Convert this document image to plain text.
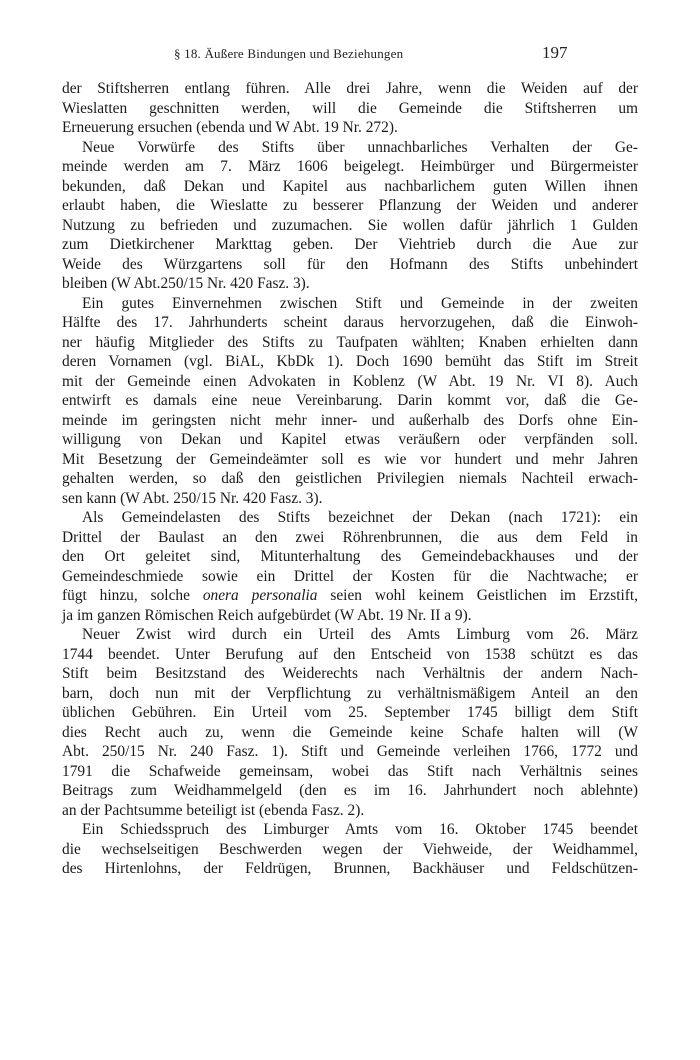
§ 18. Äußere Bindungen und Beziehungen	197
der Stiftsherren entlang führen. Alle drei Jahre, wenn die Weiden auf der
Wieslatten geschnitten werden, will die Gemeinde die Stiftsherren um
Erneuerung ersuchen (ebenda und W Abt. 19 Nr. 272).
Neue Vorwürfe des Stifts über unnachbarliches Verhalten der Ge-
meinde werden am 7. März 1606 beigelegt. Heimbürger und Bürgermeister
bekunden, daß Dekan und Kapitel aus nachbarlichem guten Willen ihnen
erlaubt haben, die Wieslatte zu besserer Pflanzung der Weiden und anderer
Nutzung zu befrieden und zuzumachen. Sie wollen dafür jährlich 1 Gulden
zum Dietkirchener Markttag geben. Der Viehtrieb durch die Aue zur
Weide des Würzgartens soll für den Hofmann des Stifts unbehindert
bleiben (W Abt.250/15 Nr. 420 Fasz. 3).
Ein gutes Einvernehmen zwischen Stift und Gemeinde in der zweiten
Hälfte des 17. Jahrhunderts scheint daraus hervorzugehen, daß die Einwoh-
ner häufig Mitglieder des Stifts zu Taufpaten wählten; Knaben erhielten dann
deren Vornamen (vgl. BiAL, KbDk 1). Doch 1690 bemüht das Stift im Streit
mit der Gemeinde einen Advokaten in Koblenz (W Abt. 19 Nr. VI 8). Auch
entwirft es damals eine neue Vereinbarung. Darin kommt vor, daß die Ge-
meinde im geringsten nicht mehr inner- und außerhalb des Dorfs ohne Ein-
willigung von Dekan und Kapitel etwas veräußern oder verpfänden soll.
Mit Besetzung der Gemeindeämter soll es wie vor hundert und mehr Jahren
gehalten werden, so daß den geistlichen Privilegien niemals Nachteil erwach-
sen kann (W Abt. 250/15 Nr. 420 Fasz. 3).
Als Gemeindelasten des Stifts bezeichnet der Dekan (nach 1721): ein
Drittel der Baulast an den zwei Röhrenbrunnen, die aus dem Feld in
den Ort geleitet sind, Mitunterhaltung des Gemeindebackhauses und der
Gemeindeschmiede sowie ein Drittel der Kosten für die Nachtwache; er
fügt hinzu, solche onera personalia seien wohl keinem Geistlichen im Erzstift,
ja im ganzen Römischen Reich aufgebürdet (W Abt. 19 Nr. II a 9).
Neuer Zwist wird durch ein Urteil des Amts Limburg vom 26. März
1744 beendet. Unter Berufung auf den Entscheid von 1538 schützt es das
Stift beim Besitzstand des Weiderechts nach Verhältnis der andern Nach-
barn, doch nun mit der Verpflichtung zu verhältnismäßigem Anteil an den
üblichen Gebühren. Ein Urteil vom 25. September 1745 billigt dem Stift
dies Recht auch zu, wenn die Gemeinde keine Schafe halten will (W
Abt. 250/15 Nr. 240 Fasz. 1). Stift und Gemeinde verleihen 1766, 1772 und
1791 die Schafweide gemeinsam, wobei das Stift nach Verhältnis seines
Beitrags zum Weidhammelgeld (den es im 16. Jahrhundert noch ablehnte)
an der Pachtsumme beteiligt ist (ebenda Fasz. 2).
Ein Schiedsspruch des Limburger Amts vom 16. Oktober 1745 beendet
die wechselseitigen Beschwerden wegen der Viehweide, der Weidhammel,
des Hirtenlohns, der Feldrügen, Brunnen, Backhäuser und Feldschützen-
